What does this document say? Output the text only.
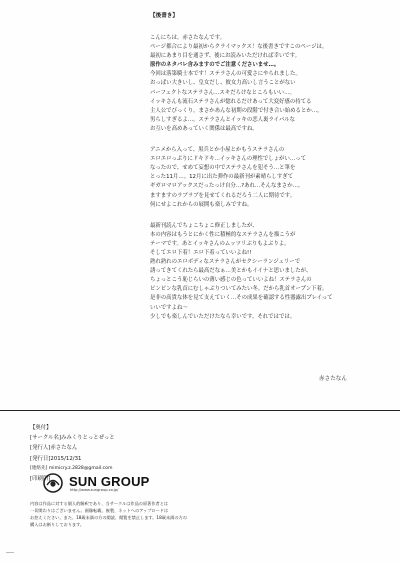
【後書き】
こんにちは。赤さたなんです。
ページ都合により最初からクライマックス！な後書きですこのページは。
最初にあまり目を通さず、後にお読みいただければ幸いです。
原作のネタバレ含みますのでご注意くださいませ…。
今回は落第騎士本です！ステラさんの可愛さにやられました。
おっぱい大きいし、皇女だし、彼女力高いし言うことがない
パーフェクトなステラさん…スキだらけなところもいい…。
イッキさんも流石ステラさんが惚れるだけあって大変好感の持てる
主人公でびっくり。まさかあんな初期の段階で付き合い始めるとか…。
男らしすぎるよ…。ステラさんとイッキの恋人裏ライバルな
お互いを高めあっていく関係は最高ですね。
アニメから入って、黒兵とか小屋とかもうステラさんの
エロエロっぷりにドキドキ…イッキさんの理性でしょがい…って
なったので、せめて妄想の中でステラさんを犯そう…と筆を
とった11月…。12月に出た弾作の最新刊が素晴らしすぎて
ギガロマロアックスだったっけ自分…?あれ…そんなまさか…。
ますますのラブラブを見せてくれるだろう二人に期待です。
何にせよこれからの展開も楽しみですね。
最新刊読んでちょこちょこ修正しましたが、
本の内容はもうとにかく性に積極的なステラさんを描こうが
テーマです。あとイッキさんのムッツリぶりもよぶりよ。
そしてエロ下着！エロ下着っていいよね!!
熟れ熟れのエロボディなステラさんがセクシーランジェリーで
誘ってきてくれたら最高だなぁ…美とかもイイナと思いましたが、
ちょっとこう恥じらいの薄い感じの色っていいよね！ステラさんの
ピンピンな乳首にむしゃぶりついてみたい冬。だから乳首オープン下着。
是非の高貴な体を見て支えていく…その成果を確認する性器露出プレイって
いいですよね～
少しでも楽しんでいただけたなら幸いです。それではでは。
赤さたなん
【奥付】
[サークル名]みみくりとっとぜっと
[発行人]赤さたなん
[発行日]2015/12/31
[連絡先] mimicry.z.2828@gmail.com
[印刷所]	SUN GROUP
http://www.sungroup.co.jp/
内容は作品に対する個人的解釈であり、当サークルは作品の原著作者とは
一切関わりはございません。画像転載、複製、ネットへのアップロードは
お控えください。また、18歳未満の方の閲読、閲覧を禁止します。18歳未満の方の
購入はお断りしております。
